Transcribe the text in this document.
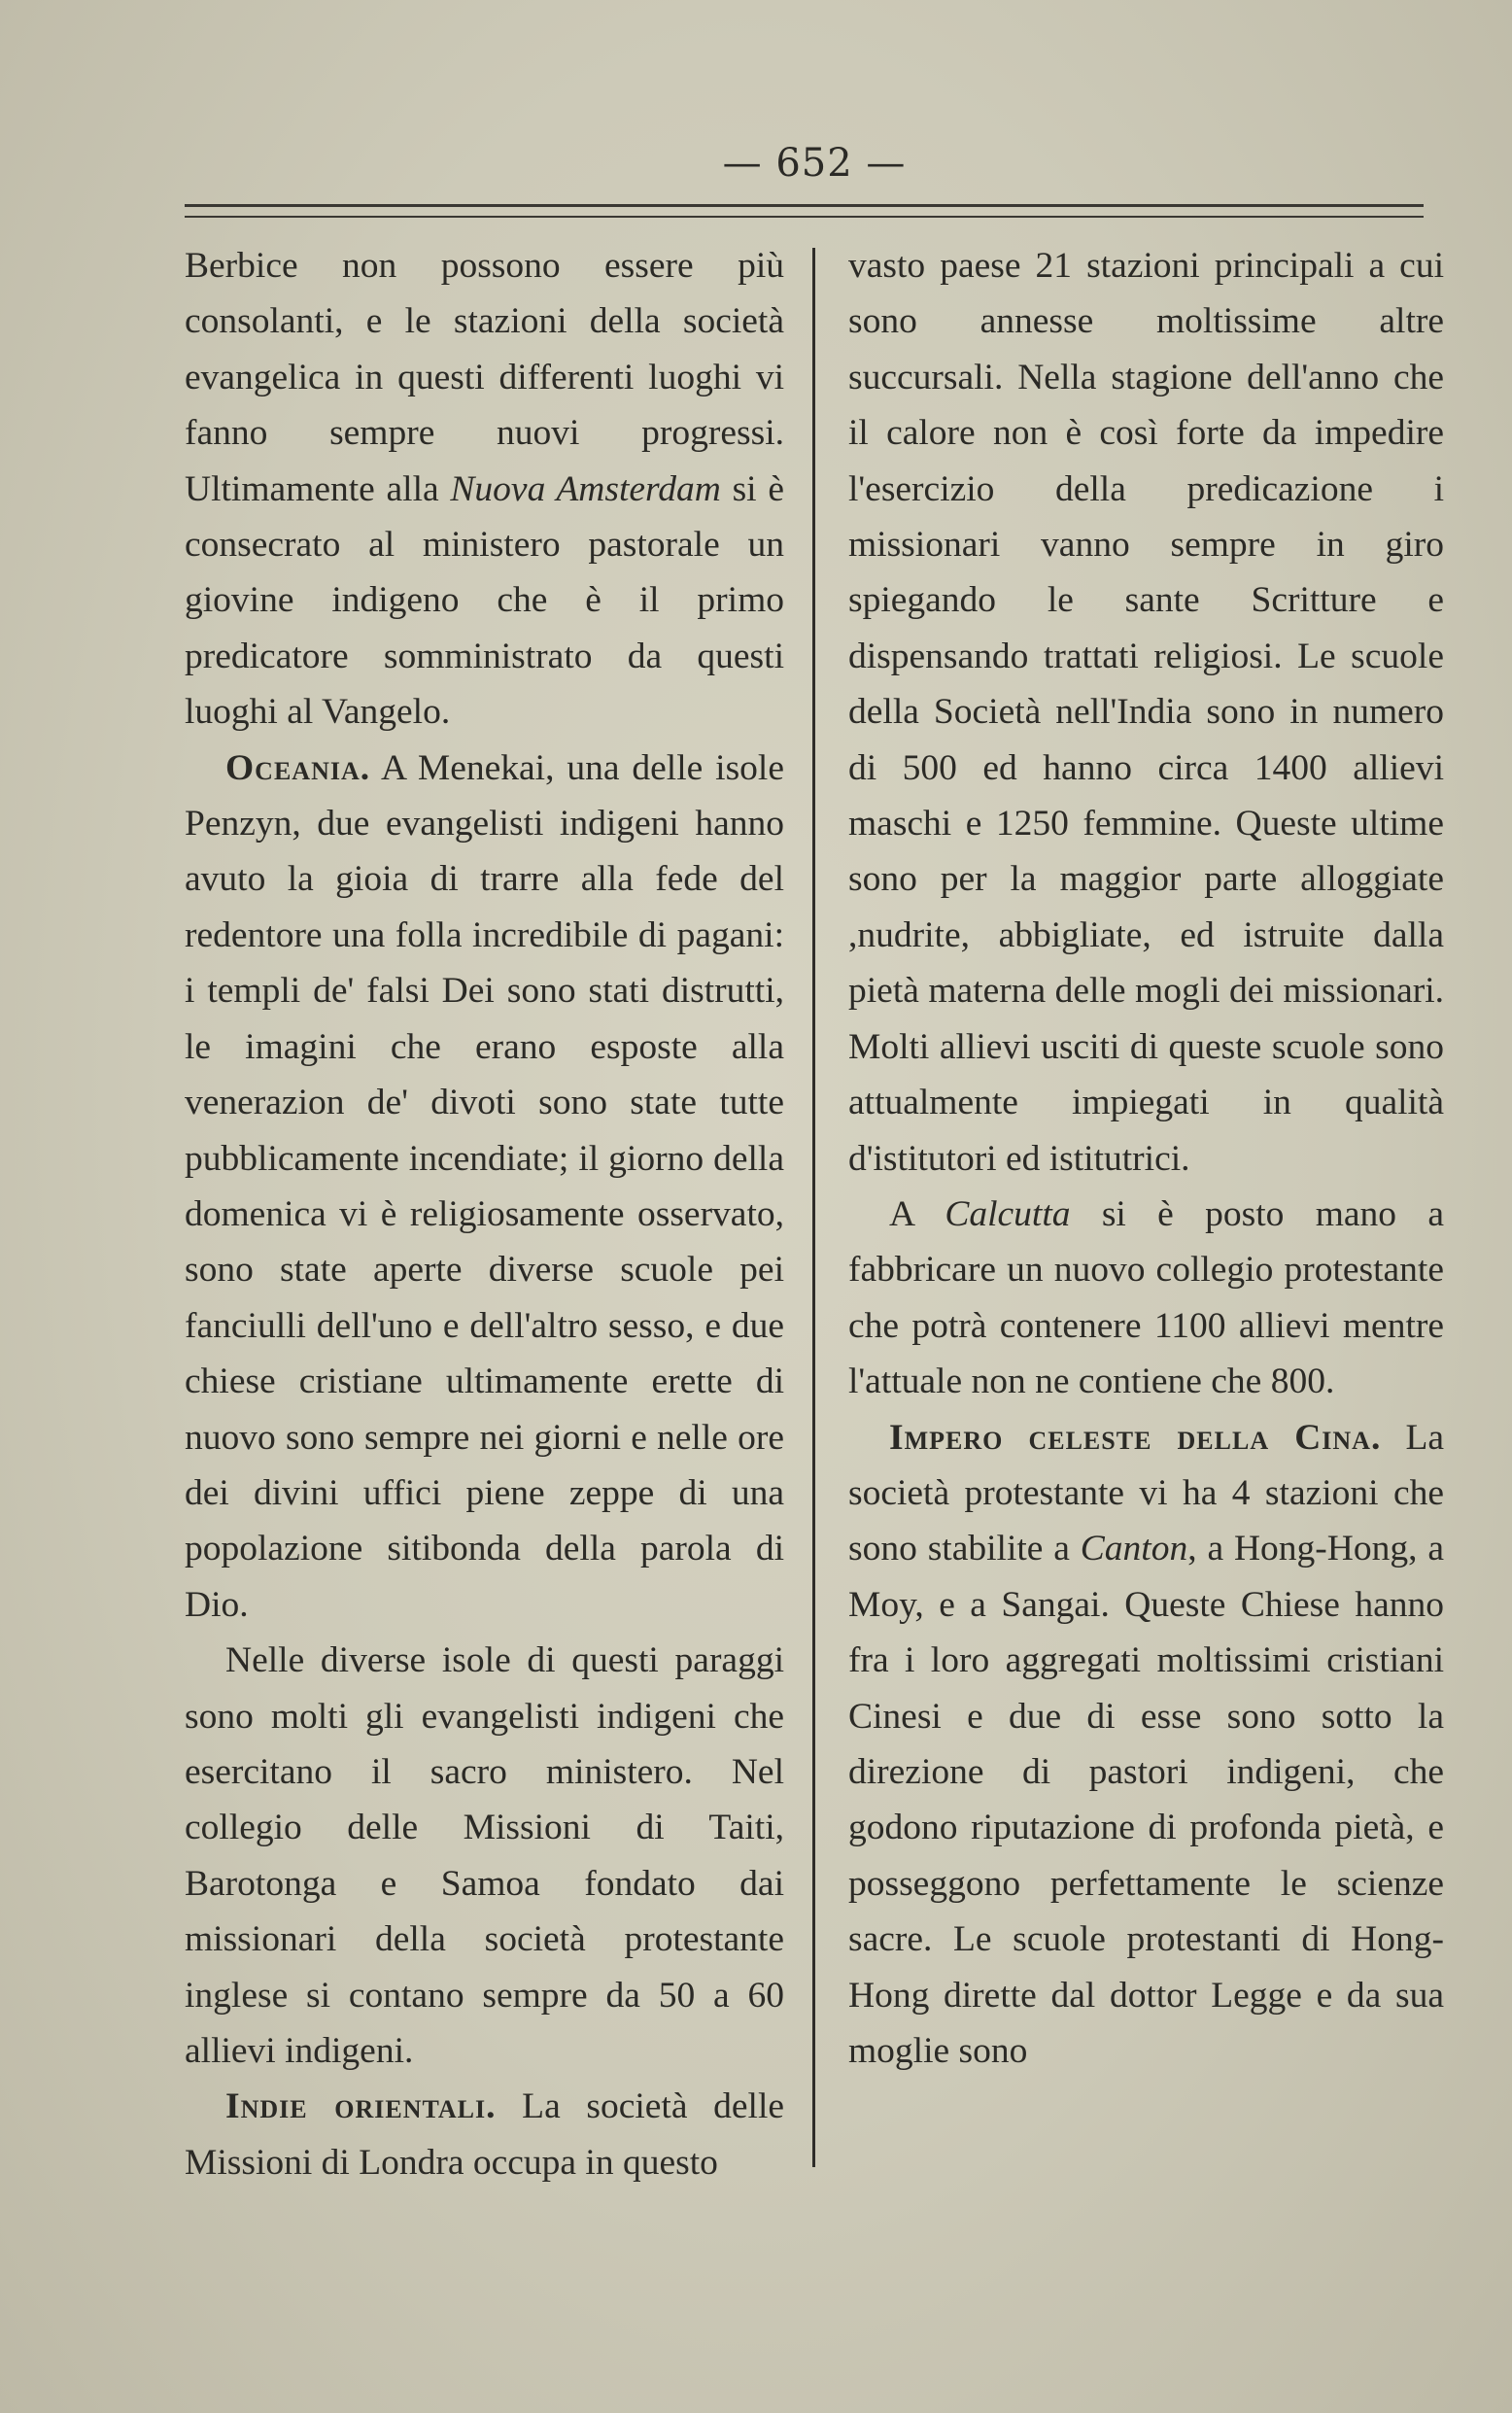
— 652 —

Berbice non possono essere più consolanti, e le stazioni della società evangelica in questi differenti luoghi vi fanno sempre nuovi progressi. Ultimamente alla Nuova Amsterdam si è consecrato al ministero pastorale un giovine indigeno che è il primo predicatore somministrato da questi luoghi al Vangelo.

Oceania. A Menekai, una delle isole Penzyn, due evangelisti indigeni hanno avuto la gioia di trarre alla fede del redentore una folla incredibile di pagani: i templi de' falsi Dei sono stati distrutti, le imagini che erano esposte alla venerazion de' divoti sono state tutte pubblicamente incendiate; il giorno della domenica vi è religiosamente osservato, sono state aperte diverse scuole pei fanciulli dell'uno e dell'altro sesso, e due chiese cristiane ultimamente erette di nuovo sono sempre nei giorni e nelle ore dei divini uffici piene zeppe di una popolazione sitibonda della parola di Dio.

Nelle diverse isole di questi paraggi sono molti gli evangelisti indigeni che esercitano il sacro ministero. Nel collegio delle Missioni di Taiti, Barotonga e Samoa fondato dai missionari della società protestante inglese si contano sempre da 50 a 60 allievi indigeni.

Indie orientali. La società delle Missioni di Londra occupa in questo

vasto paese 21 stazioni principali a cui sono annesse moltissime altre succursali. Nella stagione dell'anno che il calore non è così forte da impedire l'esercizio della predicazione i missionari vanno sempre in giro spiegando le sante Scritture e dispensando trattati religiosi. Le scuole della Società nell'India sono in numero di 500 ed hanno circa 1400 allievi maschi e 1250 femmine. Queste ultime sono per la maggior parte alloggiate ,nudrite, abbigliate, ed istruite dalla pietà materna delle mogli dei missionari. Molti allievi usciti di queste scuole sono attualmente impiegati in qualità d'istitutori ed istitutrici.

A Calcutta si è posto mano a fabbricare un nuovo collegio protestante che potrà contenere 1100 allievi mentre l'attuale non ne contiene che 800.

Impero celeste della Cina. La società protestante vi ha 4 stazioni che sono stabilite a Canton, a Hong-Hong, a Moy, e a Sangai. Queste Chiese hanno fra i loro aggregati moltissimi cristiani Cinesi e due di esse sono sotto la direzione di pastori indigeni, che godono riputazione di profonda pietà, e posseggono perfettamente le scienze sacre. Le scuole protestanti di Hong-Hong dirette dal dottor Legge e da sua moglie sono
